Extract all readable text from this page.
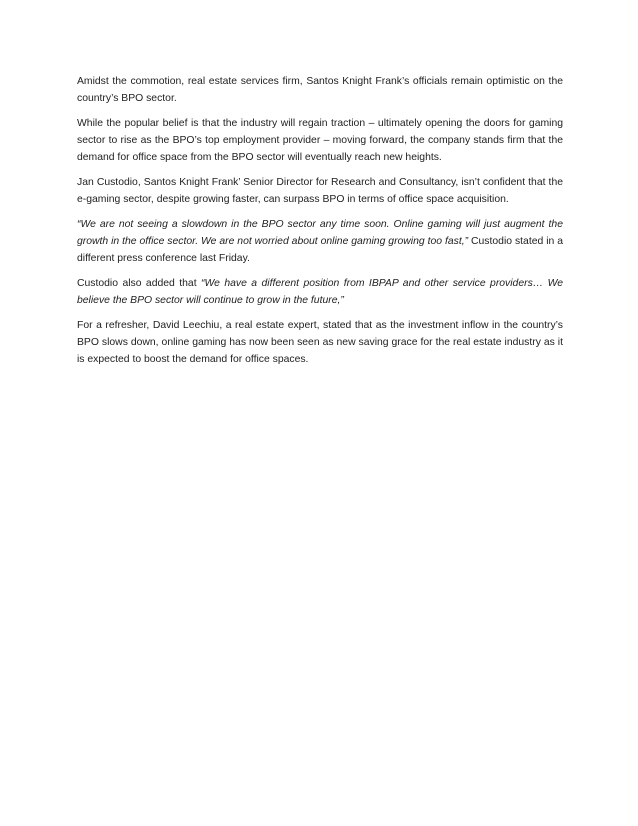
Amidst the commotion, real estate services firm, Santos Knight Frank’s officials remain optimistic on the country’s BPO sector.

While the popular belief is that the industry will regain traction – ultimately opening the doors for gaming sector to rise as the BPO’s top employment provider – moving forward, the company stands firm that the demand for office space from the BPO sector will eventually reach new heights.

Jan Custodio, Santos Knight Frank’ Senior Director for Research and Consultancy, isn’t confident that the e-gaming sector, despite growing faster, can surpass BPO in terms of office space acquisition.

“We are not seeing a slowdown in the BPO sector any time soon. Online gaming will just augment the growth in the office sector. We are not worried about online gaming growing too fast,” Custodio stated in a different press conference last Friday.

Custodio also added that “We have a different position from IBPAP and other service providers… We believe the BPO sector will continue to grow in the future,”

For a refresher, David Leechiu, a real estate expert, stated that as the investment inflow in the country’s BPO slows down, online gaming has now been seen as new saving grace for the real estate industry as it is expected to boost the demand for office spaces.
